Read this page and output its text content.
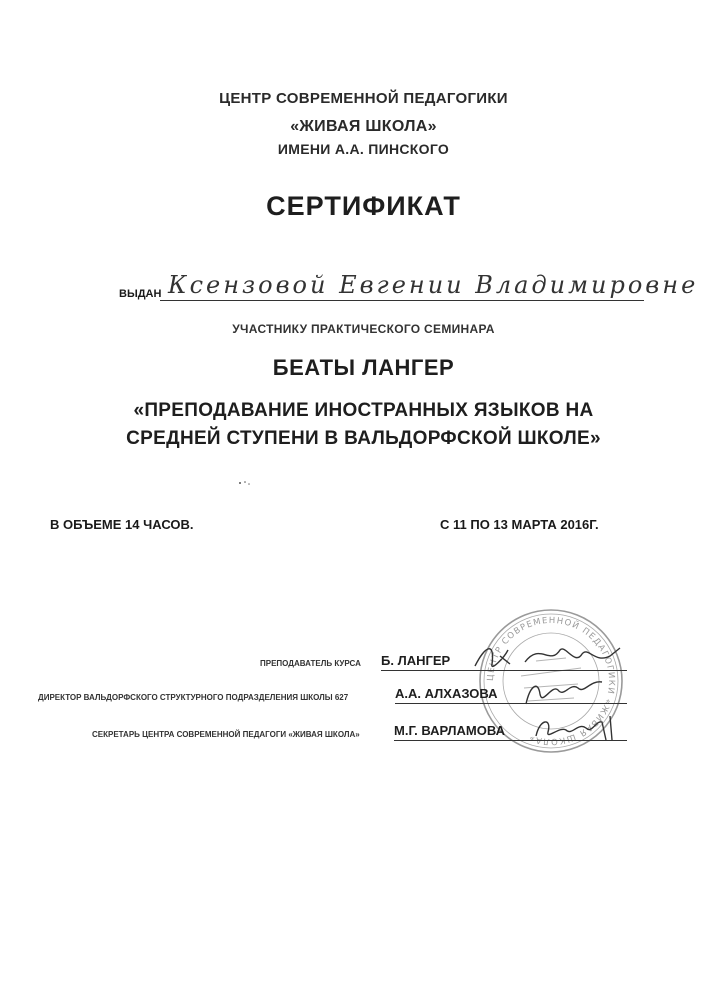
ЦЕНТР СОВРЕМЕННОЙ ПЕДАГОГИКИ
«ЖИВАЯ ШКОЛА»
ИМЕНИ А.А. ПИНСКОГО
СЕРТИФИКАТ
ВЫДАН Ксензовой Евгении Владимировне
УЧАСТНИКУ ПРАКТИЧЕСКОГО СЕМИНАРА
БЕАТЫ ЛАНГЕР
«ПРЕПОДАВАНИЕ ИНОСТРАННЫХ ЯЗЫКОВ НА
СРЕДНЕЙ СТУПЕНИ В ВАЛЬДОРФСКОЙ ШКОЛЕ»
В ОБЪЕМЕ 14 ЧАСОВ.	С 11 ПО 13 МАРТА 2016Г.
ЦЕНТР СОВРЕМЕННОЙ ПЕДАГОГИКИ «ЖИВАЯ ШКОЛА»
ПРЕПОДАВАТЕЛЬ КУРСА Б. ЛАНГЕР
ДИРЕКТОР ВАЛЬДОРФСКОГО СТРУКТУРНОГО ПОДРАЗДЕЛЕНИЯ ШКОЛЫ 627	А.А. АЛХАЗОВА
СЕКРЕТАРЬ ЦЕНТРА СОВРЕМЕННОЙ ПЕДАГОГИ «ЖИВАЯ ШКОЛА»	М.Г. ВАРЛАМОВА
